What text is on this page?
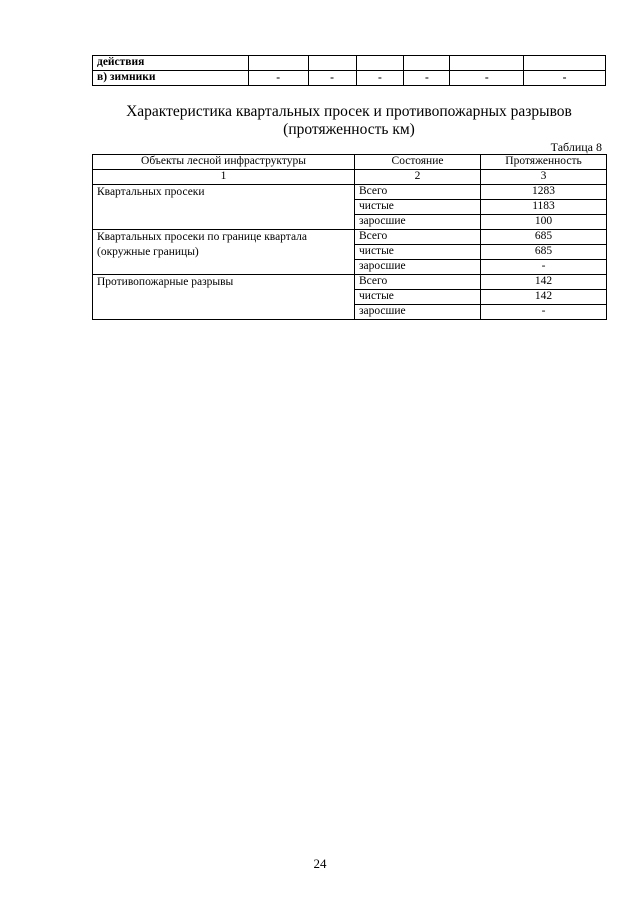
действия						
в) зимники	-	-	-	-	-	-
Характеристика квартальных просек и противопожарных разрывов
(протяженность км)
Таблица 8
Объекты лесной инфраструктуры	Состояние	Протяженность
1	2	3
Квартальных просеки	Всего	1283
	чистые	1183
	заросшие	100
Квартальных просеки по границе квартала (окружные границы)	Всего	685
	чистые	685
	заросшие	-
Противопожарные разрывы	Всего	142
	чистые	142
	заросшие	-
24
